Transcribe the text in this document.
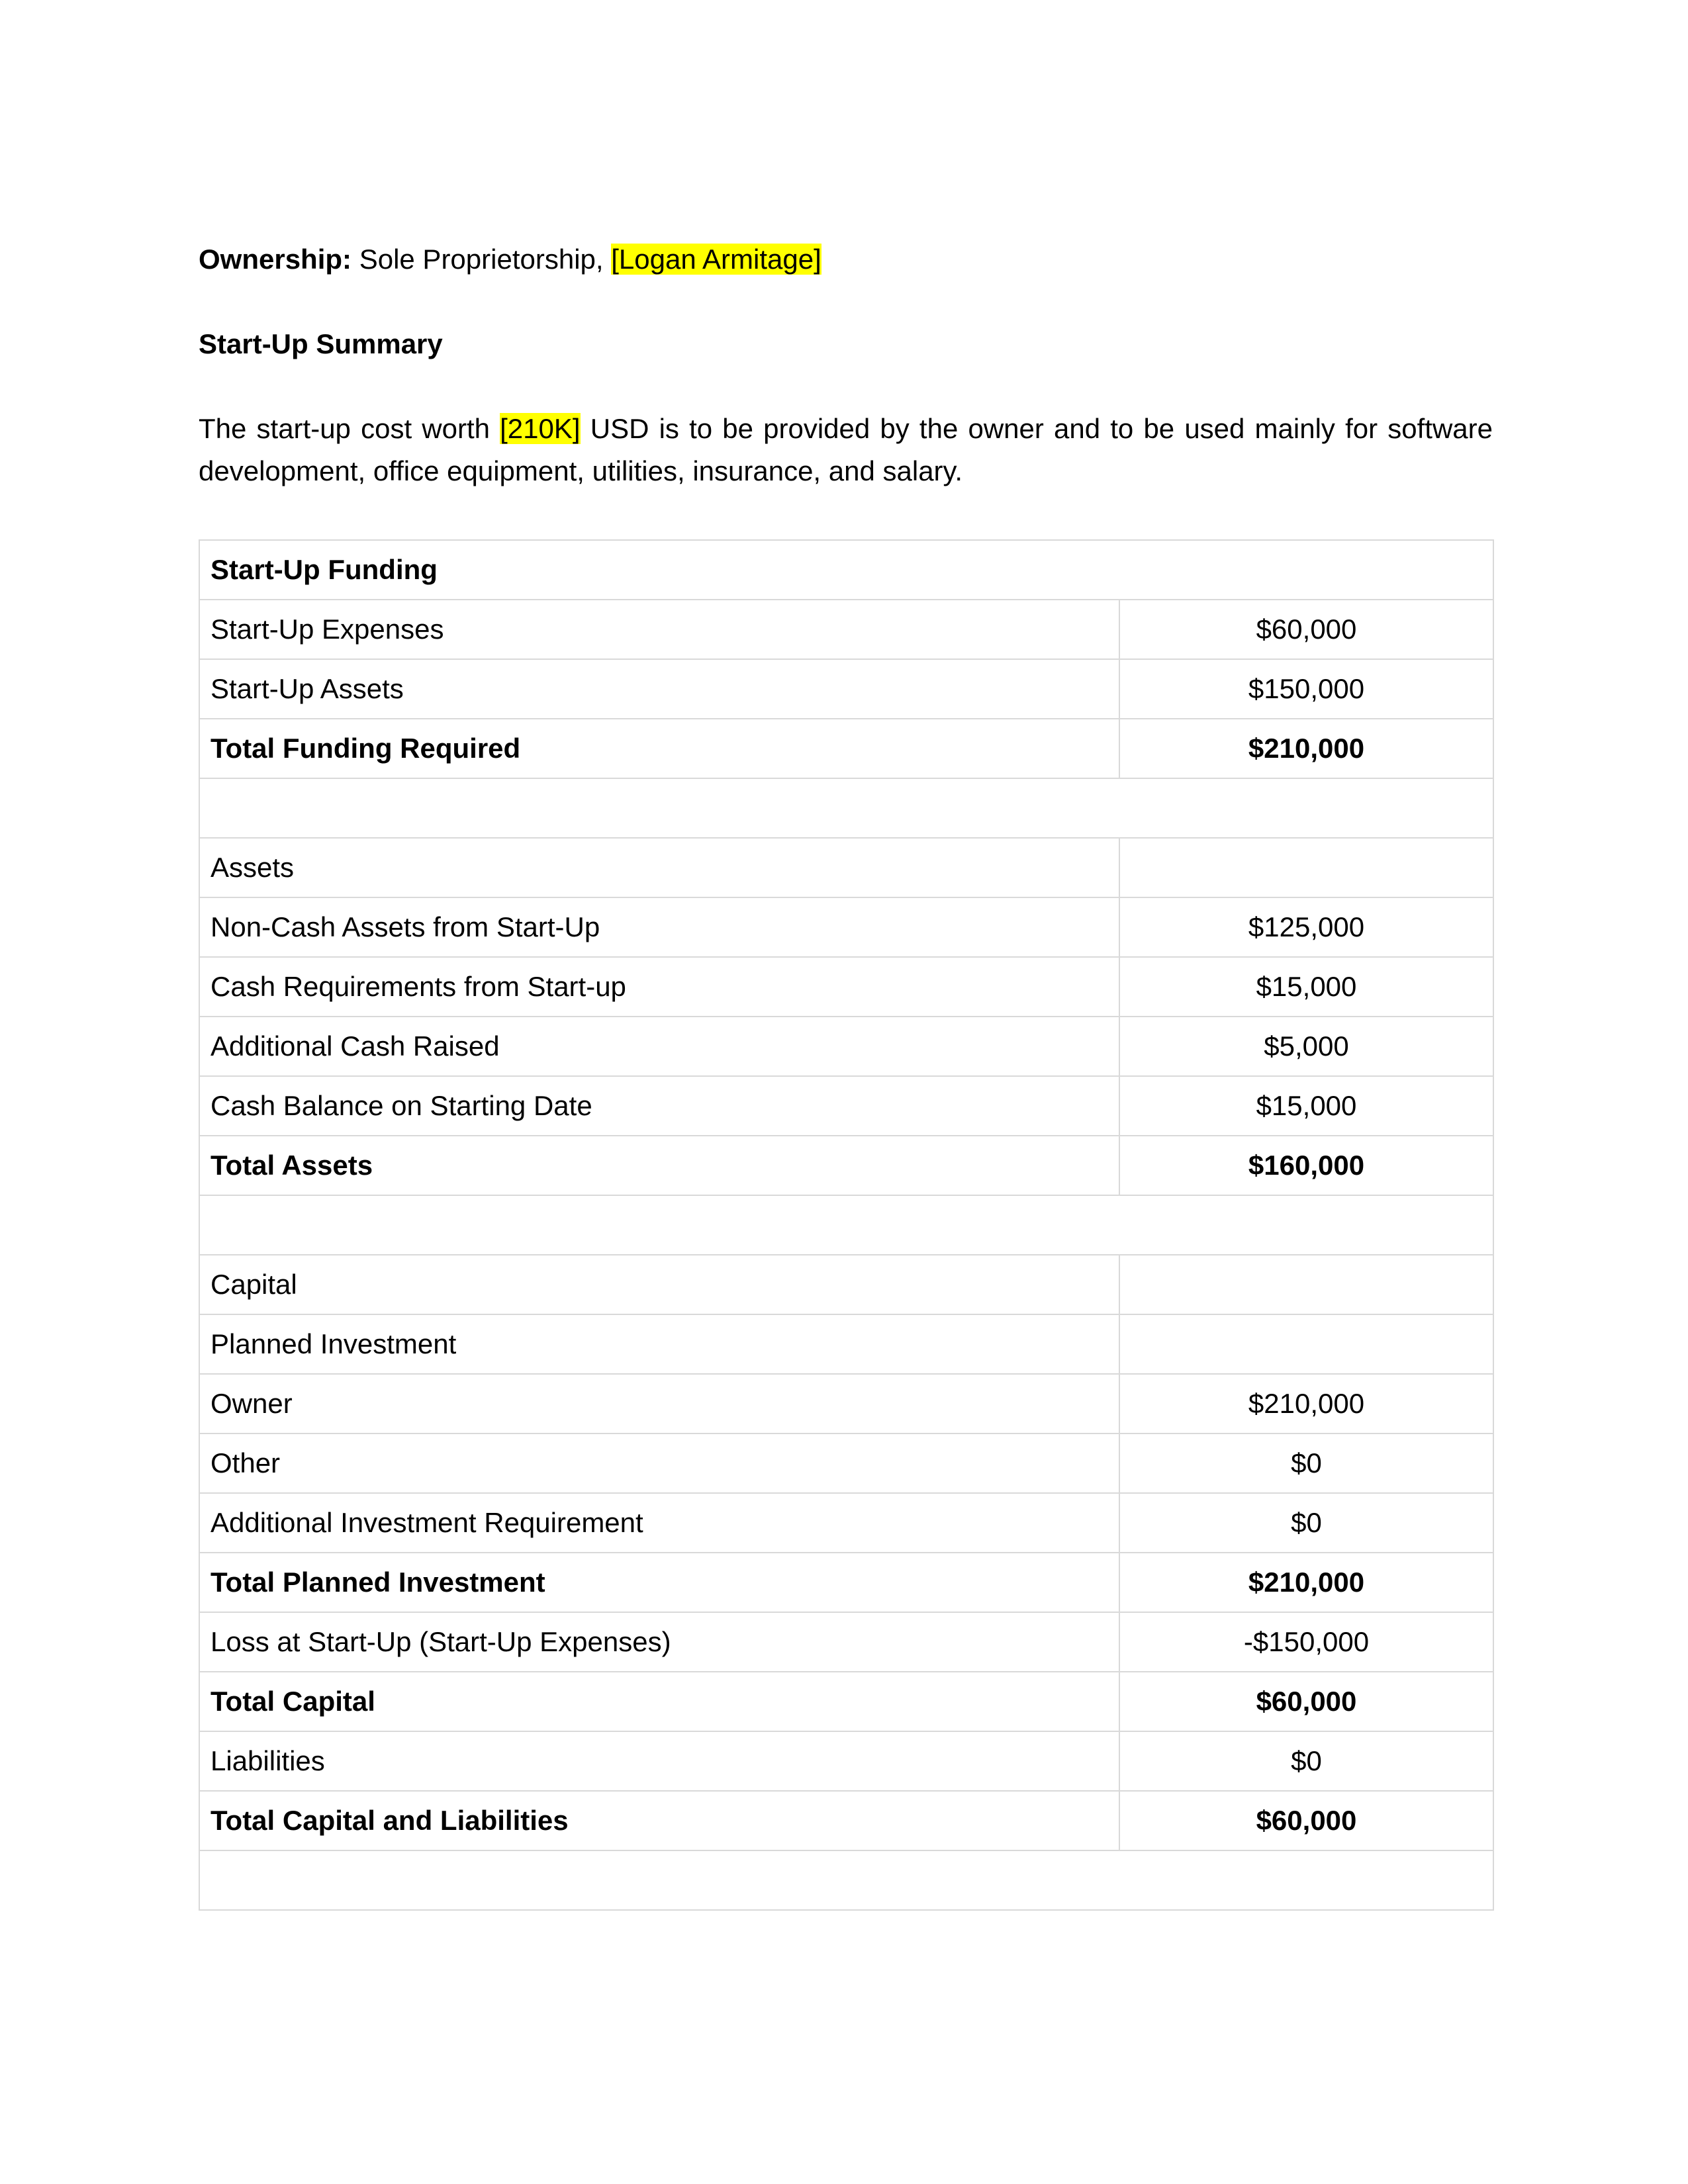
Ownership: Sole Proprietorship, [Logan Armitage]

Start-Up Summary

The start-up cost worth [210K] USD is to be provided by the owner and to be used mainly for software development, office equipment, utilities, insurance, and salary.

Start-Up Funding	
Start-Up Expenses	$60,000
Start-Up Assets	$150,000
Total Funding Required	$210,000

Assets	
Non-Cash Assets from Start-Up	$125,000
Cash Requirements from Start-up	$15,000
Additional Cash Raised	$5,000
Cash Balance on Starting Date	$15,000
Total Assets	$160,000

Capital	
Planned Investment	
Owner	$210,000
Other	$0
Additional Investment Requirement	$0
Total Planned Investment	$210,000
Loss at Start-Up (Start-Up Expenses)	-$150,000
Total Capital	$60,000
Liabilities	$0
Total Capital and Liabilities	$60,000
